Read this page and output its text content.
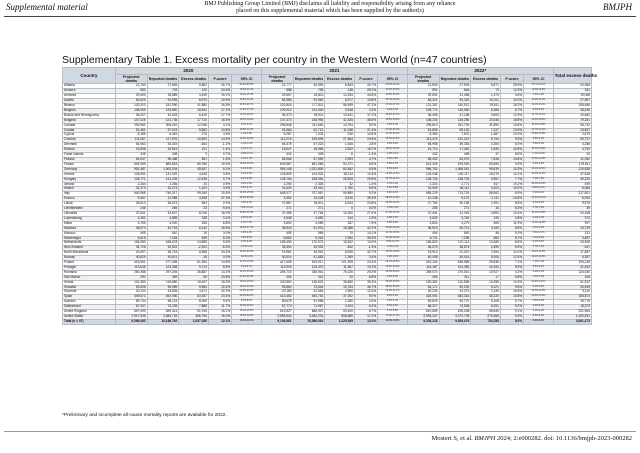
Supplemental material	BMJ Publishing Group Limited (BMJ) disclaims all liability and responsibility arising from any reliance placed on this supplemental material which has been supplied by the author(s)	BMJPH
Supplementary Table 1. Excess mortality per country in the Western World (n=47 countries)
Country	2020					2021					2022*					Total excess deaths
	Projected deaths	Reported deaths	Excess deaths	P-score	95% CI	Projected deaths	Reported deaths	Excess deaths	P-score	95% CI	Projected deaths	Reported deaths	Excess deaths	P-score	95% CI	
Albania	21,760	27,605	5,852	26.7%	26.3%-26.9%	21,777	30,590	8,843	40.7%	40.3%-41.0%	21,843	27,509	5,671	25.9%	25.7%-26.1%	20,366
Andorra	583	703	120	20.6%	19.9%-21.3%	588	736	148	25.2%	24.5%-25.9%	591	664	73	12.3%	11.8%-12.9%	341
Armenia	29,450	33,889	4,439	15.1%	14.9%-15.3%	29,557	42,811	13,254	44.8%	44.6%-45.0%	29,691	31,066	1,375	4.6%	4.5%-4.8%	19,068
Austria	82,620	91,599	8,979	10.9%	10.8%-11.0%	82,985	91,962	8,977	10.8%	10.7%-10.9%	83,321	93,332	10,011	12.0%	11.9%-12.1%	27,967
Belarus	120,210	152,090	31,880	26.5%	26.4%-26.7%	120,816	177,811	56,995	47.2%	47.0%-47.3%	121,301	140,912	19,611	16.2%	16.1%-16.3%	108,486
Belgium	108,309	126,850	18,541	17.1%	17.0%-17.2%	109,012	112,630	3,618	3.3%	3.2%-3.4%	109,774	116,060	6,286	5.7%	5.6%-5.8%	28,445
Bosnia and Herzegovina	36,207	42,633	6,426	17.7%	17.5%-18.0%	36,370	49,911	13,541	37.2%	36.9%-37.5%	36,495	41,188	4,693	12.9%	12.7%-13.1%	24,660
Bulgaria	107,025	124,735	17,710	16.5%	16.5%-16.6%	107,470	148,995	41,525	38.6%	38.5%-38.8%	108,234	128,280	20,046	18.5%	18.4%-18.6%	79,281
Canada	293,962	306,010	12,048	4.1%	4.0%-4.2%	296,846	311,640	14,794	5.0%	4.9%-5.1%	299,810	331,700	31,890	10.6%	10.5%-10.8%	58,732
Croatia	51,461	57,023	5,562	10.8%	10.6%-11.0%	51,664	62,712	11,048	21.4%	21.2%-21.6%	51,895	59,132	7,237	13.9%	13.7%-14.1%	23,847
Cyprus	6,185	6,461	276	4.5%	4.1%-4.9%	6,287	7,203	916	14.6%	14.1%-15.0%	6,383	7,870	1,487	23.3%	22.8%-23.8%	2,679
Czechia	111,067	127,576	16,509	14.9%	14.8%-15.0%	112,215	139,699	27,484	24.5%	24.4%-24.6%	113,475	120,219	6,744	5.9%	5.8%-6.1%	50,737
Denmark	54,963	54,319	-644	-1.2%	-1.4%-1.0%	55,478	57,023	1,545	2.8%	2.6%-3.0%	55,998	59,353	3,355	6.0%	5.8%-6.2%	4,256
Estonia	15,598	15,819	221	1.4%	1.2%-1.7%	15,647	18,569	2,922	18.7%	18.4%-19.0%	15,713	17,362	1,649	10.5%	10.2%-10.8%	4,792
Faroe Islands	435	438	3	0.7%	-0.8%-2.1%	434	428	-6	-1.4%	-2.9%-0.1%	432	469	37	8.6%	7.1%-10.0%	34
Finland	54,637	55,488	851	1.6%	1.4%-1.7%	55,066	57,659	2,593	4.7%	4.5%-4.9%	55,432	63,070	7,638	13.8%	13.6%-14.0%	11,082
France	604,059	669,844	65,785	10.9%	10.8%-10.9%	609,587	661,958	52,371	8.6%	8.5%-8.7%	614,345	675,000	60,655	9.9%	9.8%-9.9%	178,811
Germany	951,487	1,000,034	48,547	5.1%	5.1%-5.2%	959,148	1,021,800	62,652	6.5%	6.5%-6.6%	966,702	1,066,341	99,639	10.3%	10.3%-10.4%	210,838
Greece	126,594	131,029	4,435	3.5%	3.4%-3.6%	125,809	143,923	18,114	14.4%	14.3%-14.5%	125,038	140,117	15,079	12.1%	12.0%-12.2%	37,628
Hungary	128,771	141,209	12,438	9.7%	9.6%-9.8%	128,756	155,581	26,825	20.8%	20.7%-21.0%	128,743	138,700	9,957	7.7%	7.6%-7.9%	49,220
Iceland	2,264	2,284	20	0.9%	0.2%-1.6%	2,294	2,326	32	1.4%	0.7%-2.1%	2,324	2,771	447	19.2%	18.4%-20.0%	499
Ireland	31,370	32,473	1,103	3.5%	3.3%-3.7%	31,630	33,410	1,780	5.6%	5.4%-5.8%	31,909	35,112	3,203	10.0%	9.8%-10.2%	6,086
Italy	640,968	740,317	99,349	15.5%	15.4%-15.6%	648,077	707,967	59,890	9.2%	9.2%-9.3%	655,229	713,791	58,562	8.9%	8.9%-9.0%	217,801
Kosovo	9,457	12,985	3,528	37.3%	36.6%-38.0%	9,352	13,028	3,676	39.3%	38.6%-40.0%	10,248	9,137	-1,111	-10.8%	-11.5%-10.2%	6,093
Latvia	28,010	28,573	563	2.0%	1.8%-2.2%	27,887	34,511	6,624	23.8%	23.5%-24.0%	27,764	30,155	2,391	8.6%	8.3%-8.9%	9,578
Liechtenstein	246	269	23	9.4%	7.8%-11.1%	271	271	0	0.0%	-1.5%-1.6%	255	271	16	6.3%	4.7%-7.8%	39
Lithuania	37,531	43,547	6,016	16.0%	15.8%-16.3%	37,486	47,746	10,260	27.4%	27.1%-27.6%	37,441	41,333	3,892	10.4%	10.1%-10.6%	20,168
Luxembourg	4,451	4,589	138	3.1%	2.6%-3.6%	4,548	4,652	104	2.3%	1.8%-2.7%	4,632	4,762	130	2.8%	2.4%-3.3%	372
Malta	3,765	4,020	255	6.8%	6.1%-7.5%	3,802	4,089	287	7.5%	6.9%-8.2%	3,824	4,279	455	11.9%	11.2%-12.6%	997
Moldova	36,574	42,716	6,142	16.8%	16.6%-17.0%	36,543	51,931	15,388	42.1%	41.9%-42.3%	36,513	39,712	3,199	8.8%	8.5%-9.0%	24,729
Monaco	495	510	15	3.0%	1.6%-4.4%	495	565	70	14.1%	12.7%-15.5%	494	540	46	9.3%	7.9%-10.7%	131
Montenegro	6,615	7,164	549	8.3%	7.8%-8.8%	6,662	9,016	2,354	35.3%	34.6%-36.0%	6,711	7,295	584	8.7%	8.2%-9.2%	3,487
Netherlands	154,083	168,678	14,595	9.5%	9.4%-9.6%	155,450	170,972	15,522	10.0%	9.9%-10.1%	156,823	170,112	13,289	8.5%	8.4%-8.6%	43,406
New Zealand	34,726	32,522	-2,204	-6.3%	-6.6%-6.1%	35,394	34,932	-462	-1.3%	-1.5%-1.1%	36,075	38,574	2,499	6.9%	6.7%-7.2%	-167
North Macedonia	20,057	26,715	6,658	33.2%	32.9%-33.5%	19,981	28,516	8,535	42.7%	42.4%-43.0%	19,913	22,307	2,394	12.0%	11.8%-12.3%	17,587
Norway	40,629	40,611	-18	0.0%	-0.2%-0.2%	40,514	41,883	1,369	3.4%	3.2%-3.6%	40,408	45,414	5,006	12.4%	12.2%-12.6%	6,357
Poland	415,961	477,355	61,394	14.8%	14.7%-14.8%	417,608	519,517	101,909	24.4%	24.3%-24.5%	419,153	448,989	29,836	7.1%	7.1%-7.2%	193,139
Portugal	113,645	123,358	9,713	8.5%	8.4%-8.7%	113,903	125,470	11,567	10.2%	10.0%-10.3%	114,187	124,350	10,163	8.9%	8.8%-9.0%	31,443
Romania	260,358	297,245	36,887	14.2%	14.1%-14.2%	259,715	335,941	76,226	29.3%	29.3%-29.4%	259,074	270,001	10,927	4.2%	4.2%-4.3%	124,040
San Marino	290	359	69	23.8%	22.3%-25.3%	292	312	20	6.8%	5.4%-8.3%	294	311	17	5.8%	4.4%-7.2%	106
Serbia	101,353	116,850	15,497	15.3%	15.2%-15.4%	100,962	136,622	35,660	35.3%	35.2%-35.5%	100,481	110,836	10,355	10.3%	10.2%-10.4%	61,512
Slovakia	53,535	59,089	5,554	10.4%	10.2%-10.5%	53,860	73,644	19,784	36.7%	36.6%-36.9%	54,171	59,292	5,121	9.5%	9.3%-9.6%	30,459
Slovenia	20,134	24,605	4,471	22.2%	21.9%-22.5%	20,183	22,683	2,500	12.4%	12.1%-12.7%	20,234	22,373	2,139	10.6%	10.3%-10.8%	9,110
Spain	409,573	492,930	83,357	20.4%	20.3%-20.4%	413,452	450,744	37,292	9.0%	9.0%-9.1%	418,091	463,316	45,225	10.8%	10.8%-10.9%	165,874
Sweden	89,734	98,124	8,390	9.4%	9.2%-9.5%	89,678	91,958	2,280	2.5%	2.4%-2.7%	89,629	94,737	5,108	5.7%	5.6%-5.8%	15,778
Switzerland	67,347	75,235	7,888	11.7%	11.5%-11.9%	67,773	71,967	4,194	6.2%	6.0%-6.4%	68,217	74,508	6,291	9.2%	9.0%-9.4%	18,373
United Kingdom	607,499	699,414	91,915	15.1%	15.1%-15.2%	613,527	666,927	53,400	8.7%	8.7%-8.8%	619,559	676,208	56,649	9.1%	9.1%-9.2%	201,964
United States	2,917,935	3,383,729	465,794	16.0%	16.0%-16.0%	2,955,542	3,464,231	508,689	17.2%	17.2%-17.2%	2,993,247	3,272,705	279,458	9.3%	9.3%-9.4%	1,253,941
Total (n = 47)	9,069,482	10,166,762	1,097,280	12.1%	12.1%-12.1%	9,136,981	10,366,916	1,229,935	13.5%	13.4%-13.5%	9,205,218	9,939,476	734,258	8.0%	8.0%-8.0%	3,061,473
*Preliminary and incomplete all-cause mortality reports are available for 2022.
Mostert S, et al. BMJPH 2024; 2:e000282. doi: 10.1136/bmjph-2023-000282
